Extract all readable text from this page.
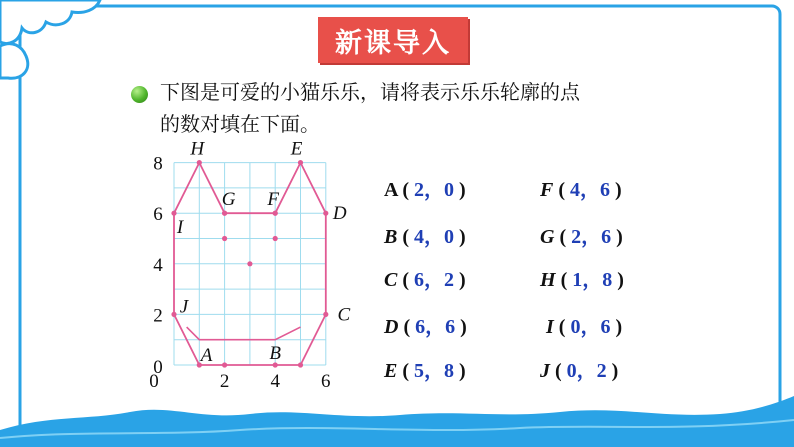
新课导入

下图是可爱的小猫乐乐，请将表示乐乐轮廓的点
的数对填在下面。

0	2 4 6
0
2
4
6
8
H	E
G F
I
D
J	C
A	B
A ( 2，0 )
B ( 4，0 )
C ( 6，2 )
D ( 6，6 )
E ( 5，8 )
F ( 4，6 )
G ( 2，6 )
H ( 1，8 )
I ( 0，6 )
J ( 0，2 )
